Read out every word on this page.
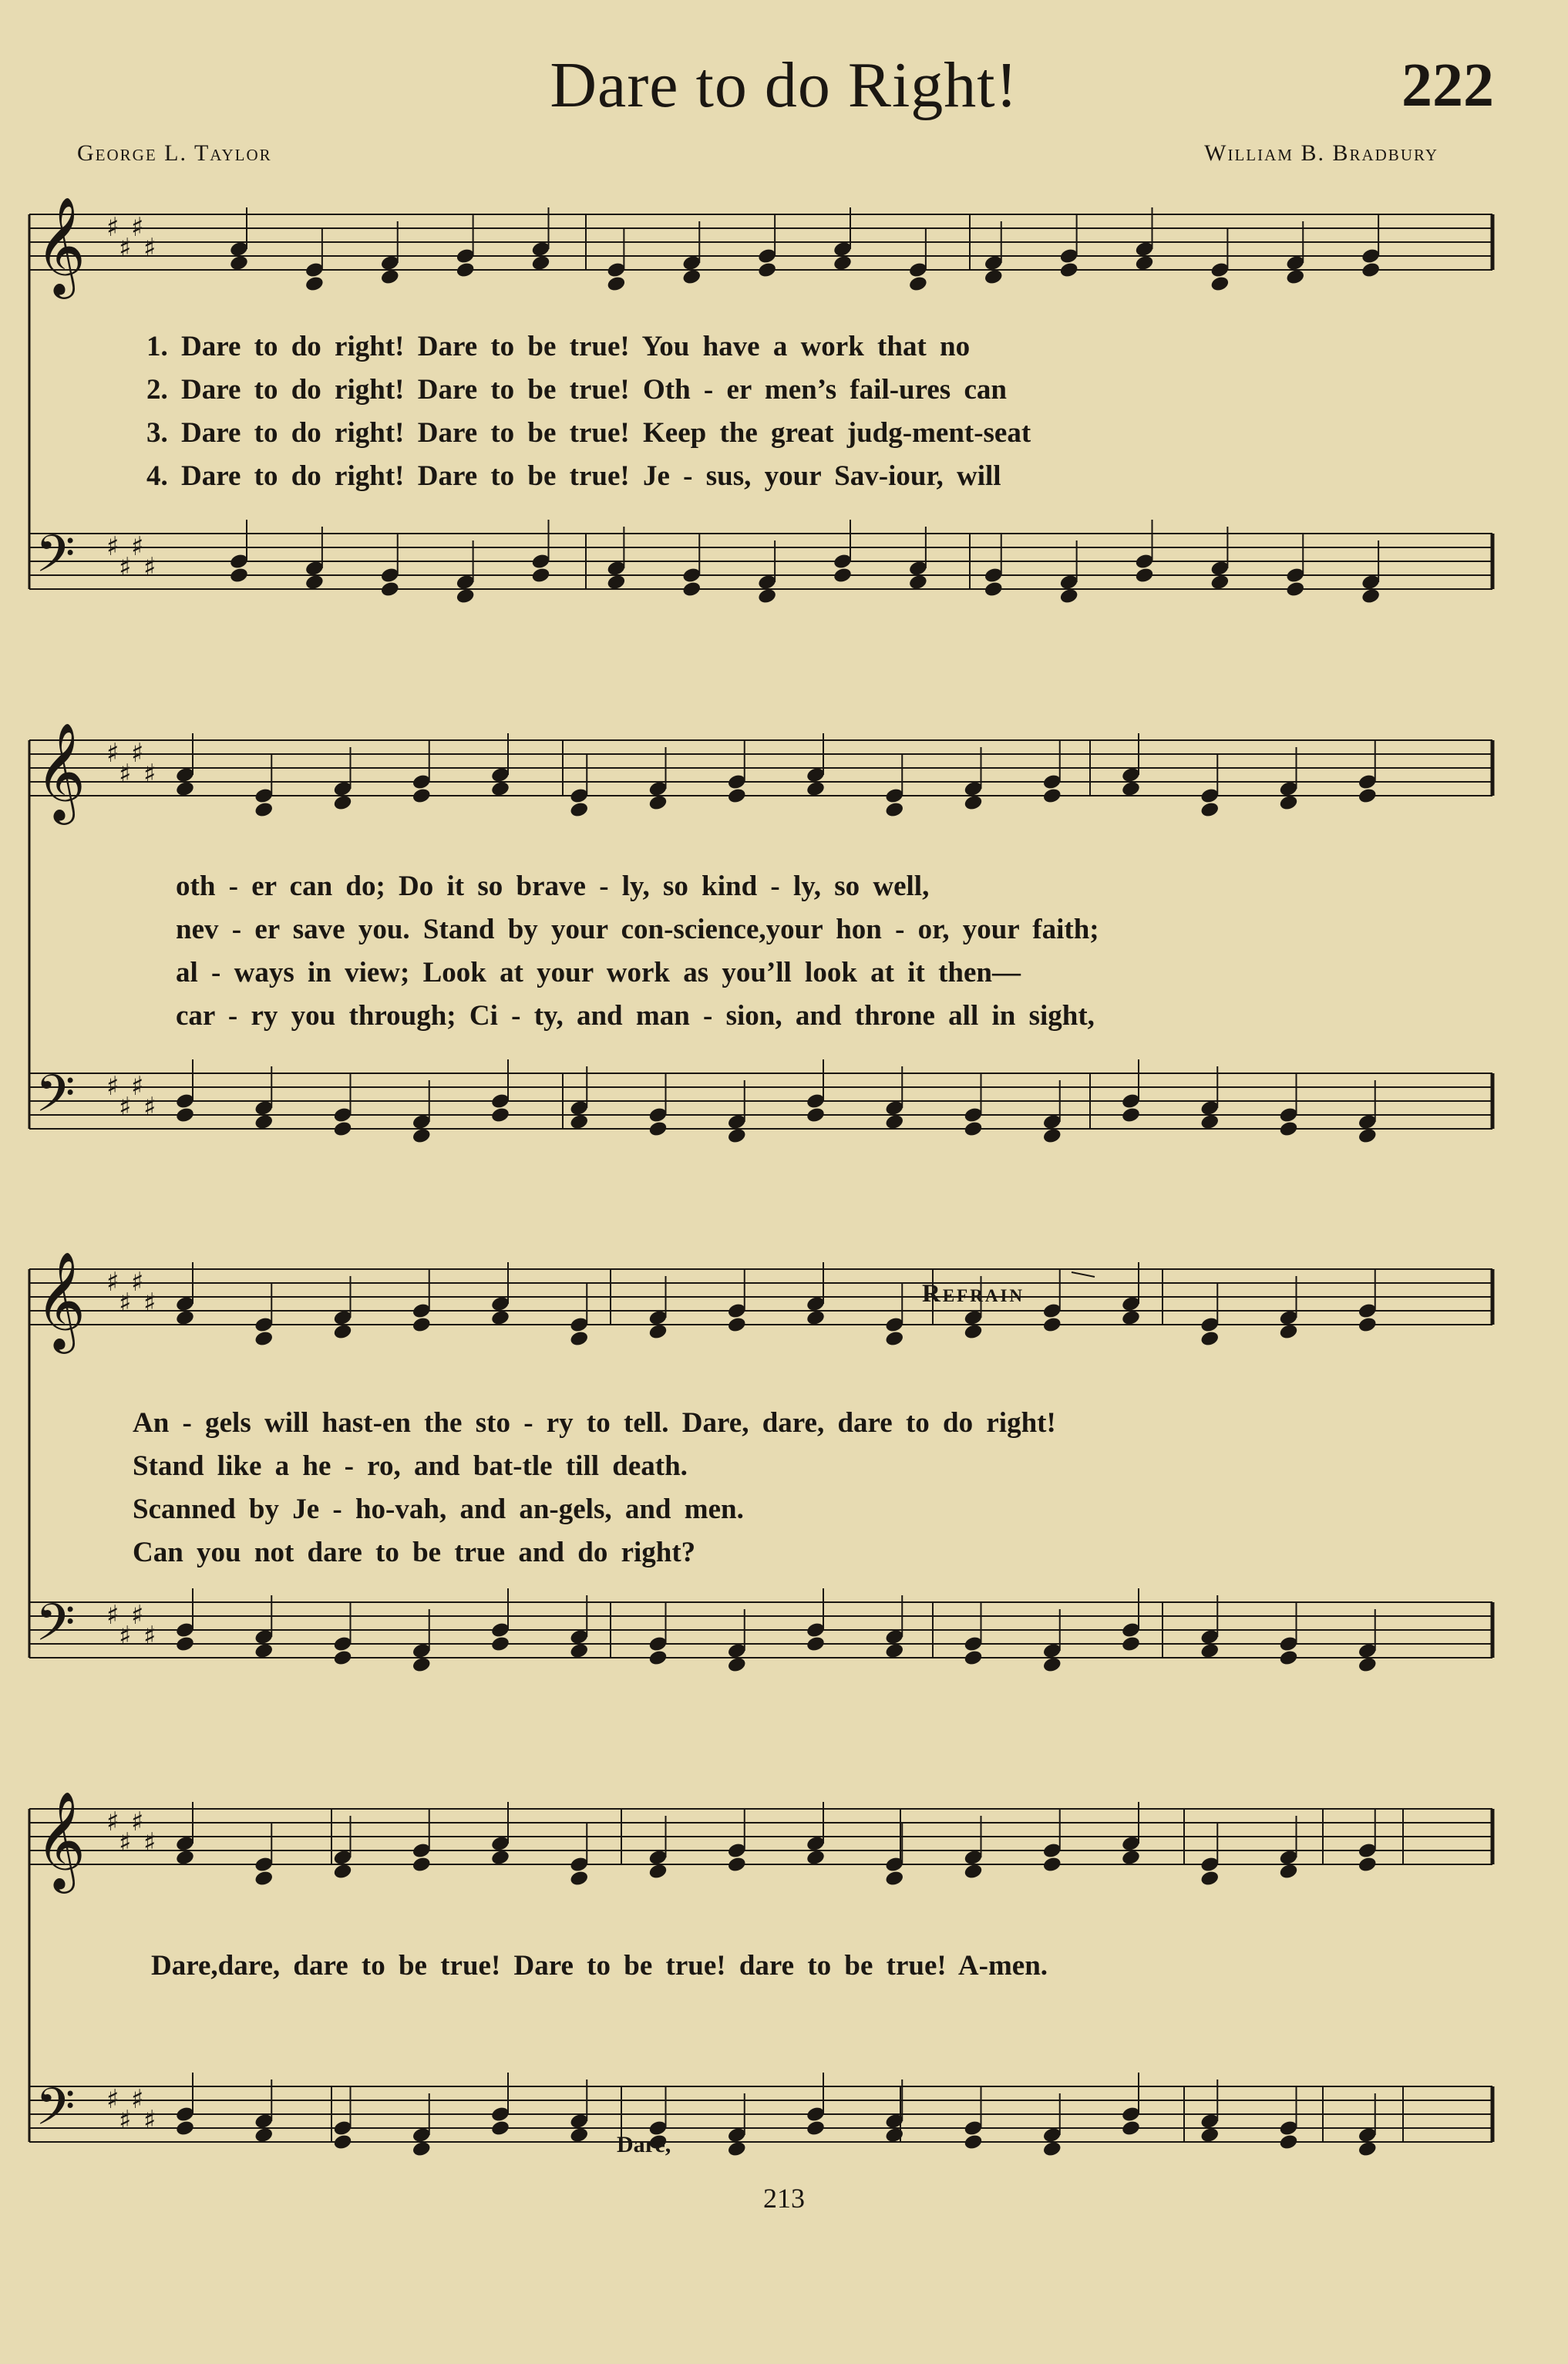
Dare to do Right!	222
George L. Taylor	William B. Bradbury
𝄞 ♯
♯
♯
♯
𝄢 ♯
♯
♯
♯
𝄞 ♯
♯
♯
♯
𝄢 ♯
♯
♯
♯
𝄞 ♯
♯
♯
♯
𝄢 ♯
♯
♯
♯
𝄞 ♯
♯
♯
♯
𝄢 ♯
♯
♯
♯
1. Dare to do right! Dare to be true! You have a work that no
2. Dare to do right! Dare to be true! Oth - er men’s fail-ures can
3. Dare to do right! Dare to be true! Keep the great judg-ment-seat
4. Dare to do right! Dare to be true! Je - sus, your Sav-iour, will
oth - er can do; Do it so brave - ly, so kind - ly, so well,
nev - er save you. Stand by your con-science,your hon - or, your faith;
al - ways in view; Look at your work as you’ll look at it then—
car - ry you through; Ci - ty, and man - sion, and throne all in sight,
Refrain
An - gels will hast-en the sto - ry to tell. Dare, dare, dare to do right!
Stand like a he - ro, and bat-tle till death.
Scanned by Je - ho-vah, and an-gels, and men.
Can you not dare to be true and do right?
Dare,dare, dare to be true! Dare to be true! dare to be true! A-men.
Dare,
213
